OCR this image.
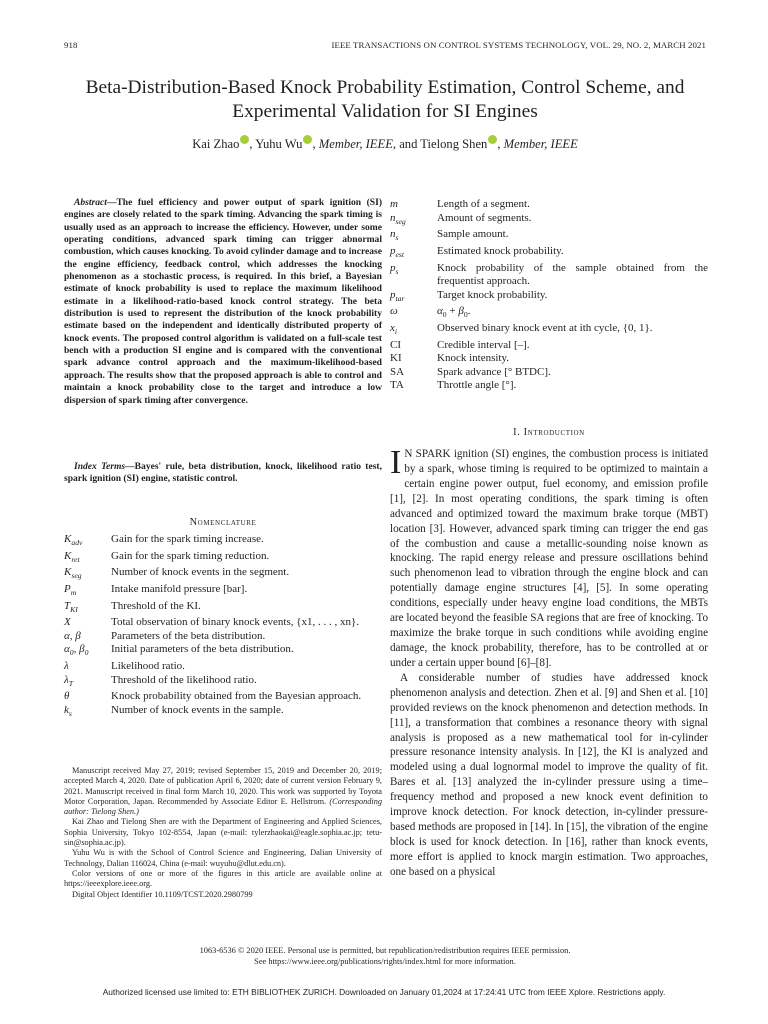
918	IEEE TRANSACTIONS ON CONTROL SYSTEMS TECHNOLOGY, VOL. 29, NO. 2, MARCH 2021
Beta-Distribution-Based Knock Probability Estimation, Control Scheme, and Experimental Validation for SI Engines
Kai Zhao , Yuhu Wu , Member, IEEE, and Tielong Shen , Member, IEEE
Abstract—The fuel efficiency and power output of spark ignition (SI) engines are closely related to the spark timing. Advancing the spark timing is usually used as an approach to increase the efficiency. However, under some operating conditions, advanced spark timing can trigger abnormal combustion, which causes knocking. To avoid cylinder damage and to increase the engine efficiency, feedback control, which addresses the knocking phenomenon as a stochastic process, is required. In this brief, a Bayesian estimate of knock probability is used to replace the maximum likelihood estimate in a likelihood-ratio-based knock control strategy. The beta distribution is used to represent the distribution of the knock probability estimate based on the independent and identically distributed property of knock events. The proposed control algorithm is validated on a full-scale test bench with a production SI engine and is compared with the conventional spark advance control approach and the maximum-likelihood-based approach. The results show that the proposed approach is able to control and maintain a knock probability close to the target and introduce a low dispersion of spark timing after convergence.
Index Terms—Bayes' rule, beta distribution, knock, likelihood ratio test, spark ignition (SI) engine, statistic control.
Nomenclature
$K_{adv}$	Gain for the spark timing increase.
$K_{ret}$	Gain for the spark timing reduction.
$K_{seg}$	Number of knock events in the segment.
$P_m$	Intake manifold pressure [bar].
$T_{KI}$	Threshold of the KI.
X	Total observation of binary knock events, {x1, . . . , xn}.
α, β	Parameters of the beta distribution.
$\alpha_0$, $\beta_0$	Initial parameters of the beta distribution.
λ	Likelihood ratio.
$\lambda_T$	Threshold of the likelihood ratio.
θ	Knock probability obtained from the Bayesian approach.
$k_s$	Number of knock events in the sample.
m	Length of a segment.
$n_{seg}$	Amount of segments.
$n_s$	Sample amount.
$p_{est}$	Estimated knock probability.
$p_s$	Knock probability of the sample obtained from the frequentist approach.
$p_{tar}$	Target knock probability.
ω	$\alpha_0 + \beta_0$.
$x_i$	Observed binary knock event at ith cycle, {0, 1}.
CI	Credible interval [–].
KI	Knock intensity.
SA	Spark advance [° BTDC].
TA	Throttle angle [°].

Manuscript received May 27, 2019; revised September 15, 2019 and December 20, 2019; accepted March 4, 2020. Date of publication April 6, 2020; date of current version February 9, 2021. Manuscript received in final form March 10, 2020. This work was supported by Toyota Motor Corporation, Japan. Recommended by Associate Editor E. Hellstrom. (Corresponding author: Tielong Shen.)

Kai Zhao and Tielong Shen are with the Department of Engineering and Applied Sciences, Sophia University, Tokyo 102-8554, Japan (e-mail: tylerzhaokai@eagle.sophia.ac.jp; tetu-sin@sophia.ac.jp).

Yuhu Wu is with the School of Control Science and Engineering, Dalian University of Technology, Dalian 116024, China (e-mail: wuyuhu@dlut.edu.cn).

Color versions of one or more of the figures in this article are available online at https://ieeexplore.ieee.org.

Digital Object Identifier 10.1109/TCST.2020.2980799

I. Introduction

I N SPARK ignition (SI) engines, the combustion process is initiated by a spark, whose timing is required to be optimized to maintain a certain engine power output, fuel economy, and emission profile [1], [2]. In most operating conditions, the spark timing is often advanced and optimized toward the maximum brake torque (MBT) location [3]. However, advanced spark timing can trigger the end gas of the combustion and cause a metallic-sounding noise known as knocking. The rapid energy release and pressure oscillations behind such phenomenon lead to vibration through the engine block and can potentially damage engine structures [4], [5]. In some operating conditions, especially under heavy engine load conditions, the MBTs are located beyond the feasible SA regions that are free of knocking. To maximize the brake torque in such conditions while avoiding engine damage, the knock probability, therefore, has to be controlled at or under a certain upper bound [6]–[8].

A considerable number of studies have addressed knock phenomenon analysis and detection. Zhen et al. [9] and Shen et al. [10] provided reviews on the knock phenomenon and detection methods. In [11], a transformation that combines a resonance theory with signal analysis is proposed as a new mathematical tool for in-cylinder pressure resonance intensity analysis. In [12], the KI is analyzed and modeled using a dual lognormal model to improve the quality of fit. Bares et al. [13] analyzed the in-cylinder pressure using a time–frequency method and proposed a new knock event definition to improve knock detection. For knock detection, in-cylinder pressure-based methods are proposed in [14]. In [15], the vibration of the engine block is used for knock detection. In [16], rather than knock events, more effort is applied to knock margin estimation. Two approaches, one based on a physical

1063-6536 © 2020 IEEE. Personal use is permitted, but republication/redistribution requires IEEE permission.
See https://www.ieee.org/publications/rights/index.html for more information.
Authorized licensed use limited to: ETH BIBLIOTHEK ZURICH. Downloaded on January 01,2024 at 17:24:41 UTC from IEEE Xplore. Restrictions apply.
